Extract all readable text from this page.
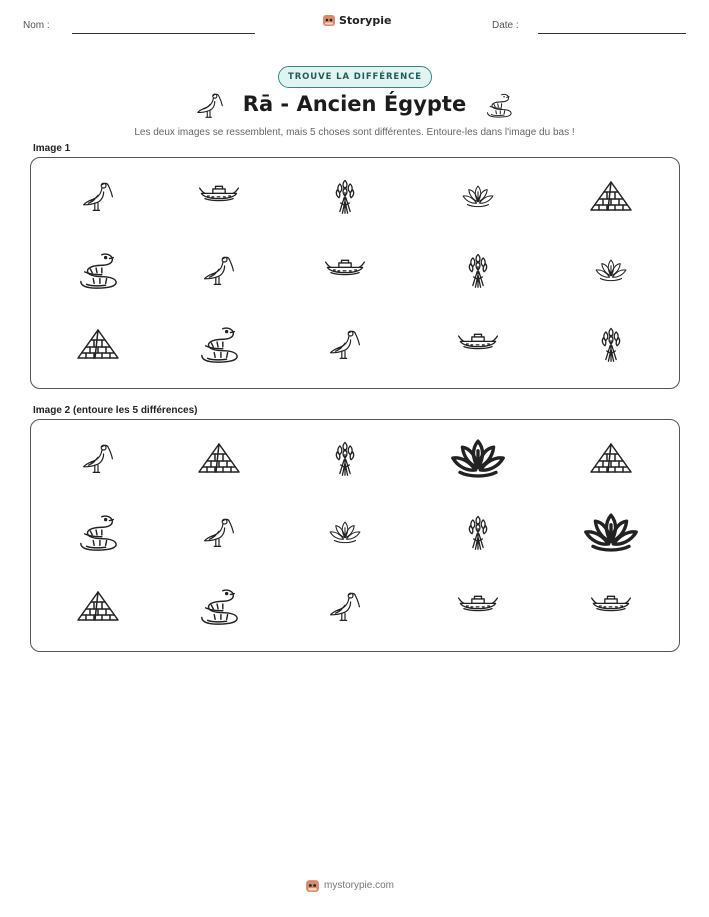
Nom :	Storypie	Date :
TROUVE LA DIFFÉRENCE
Rā - Ancien Égypte
Les deux images se ressemblent, mais 5 choses sont différentes. Entoure-les dans l'image du bas !
Image 1
Image 2 (entoure les 5 différences)
mystorypie.com
